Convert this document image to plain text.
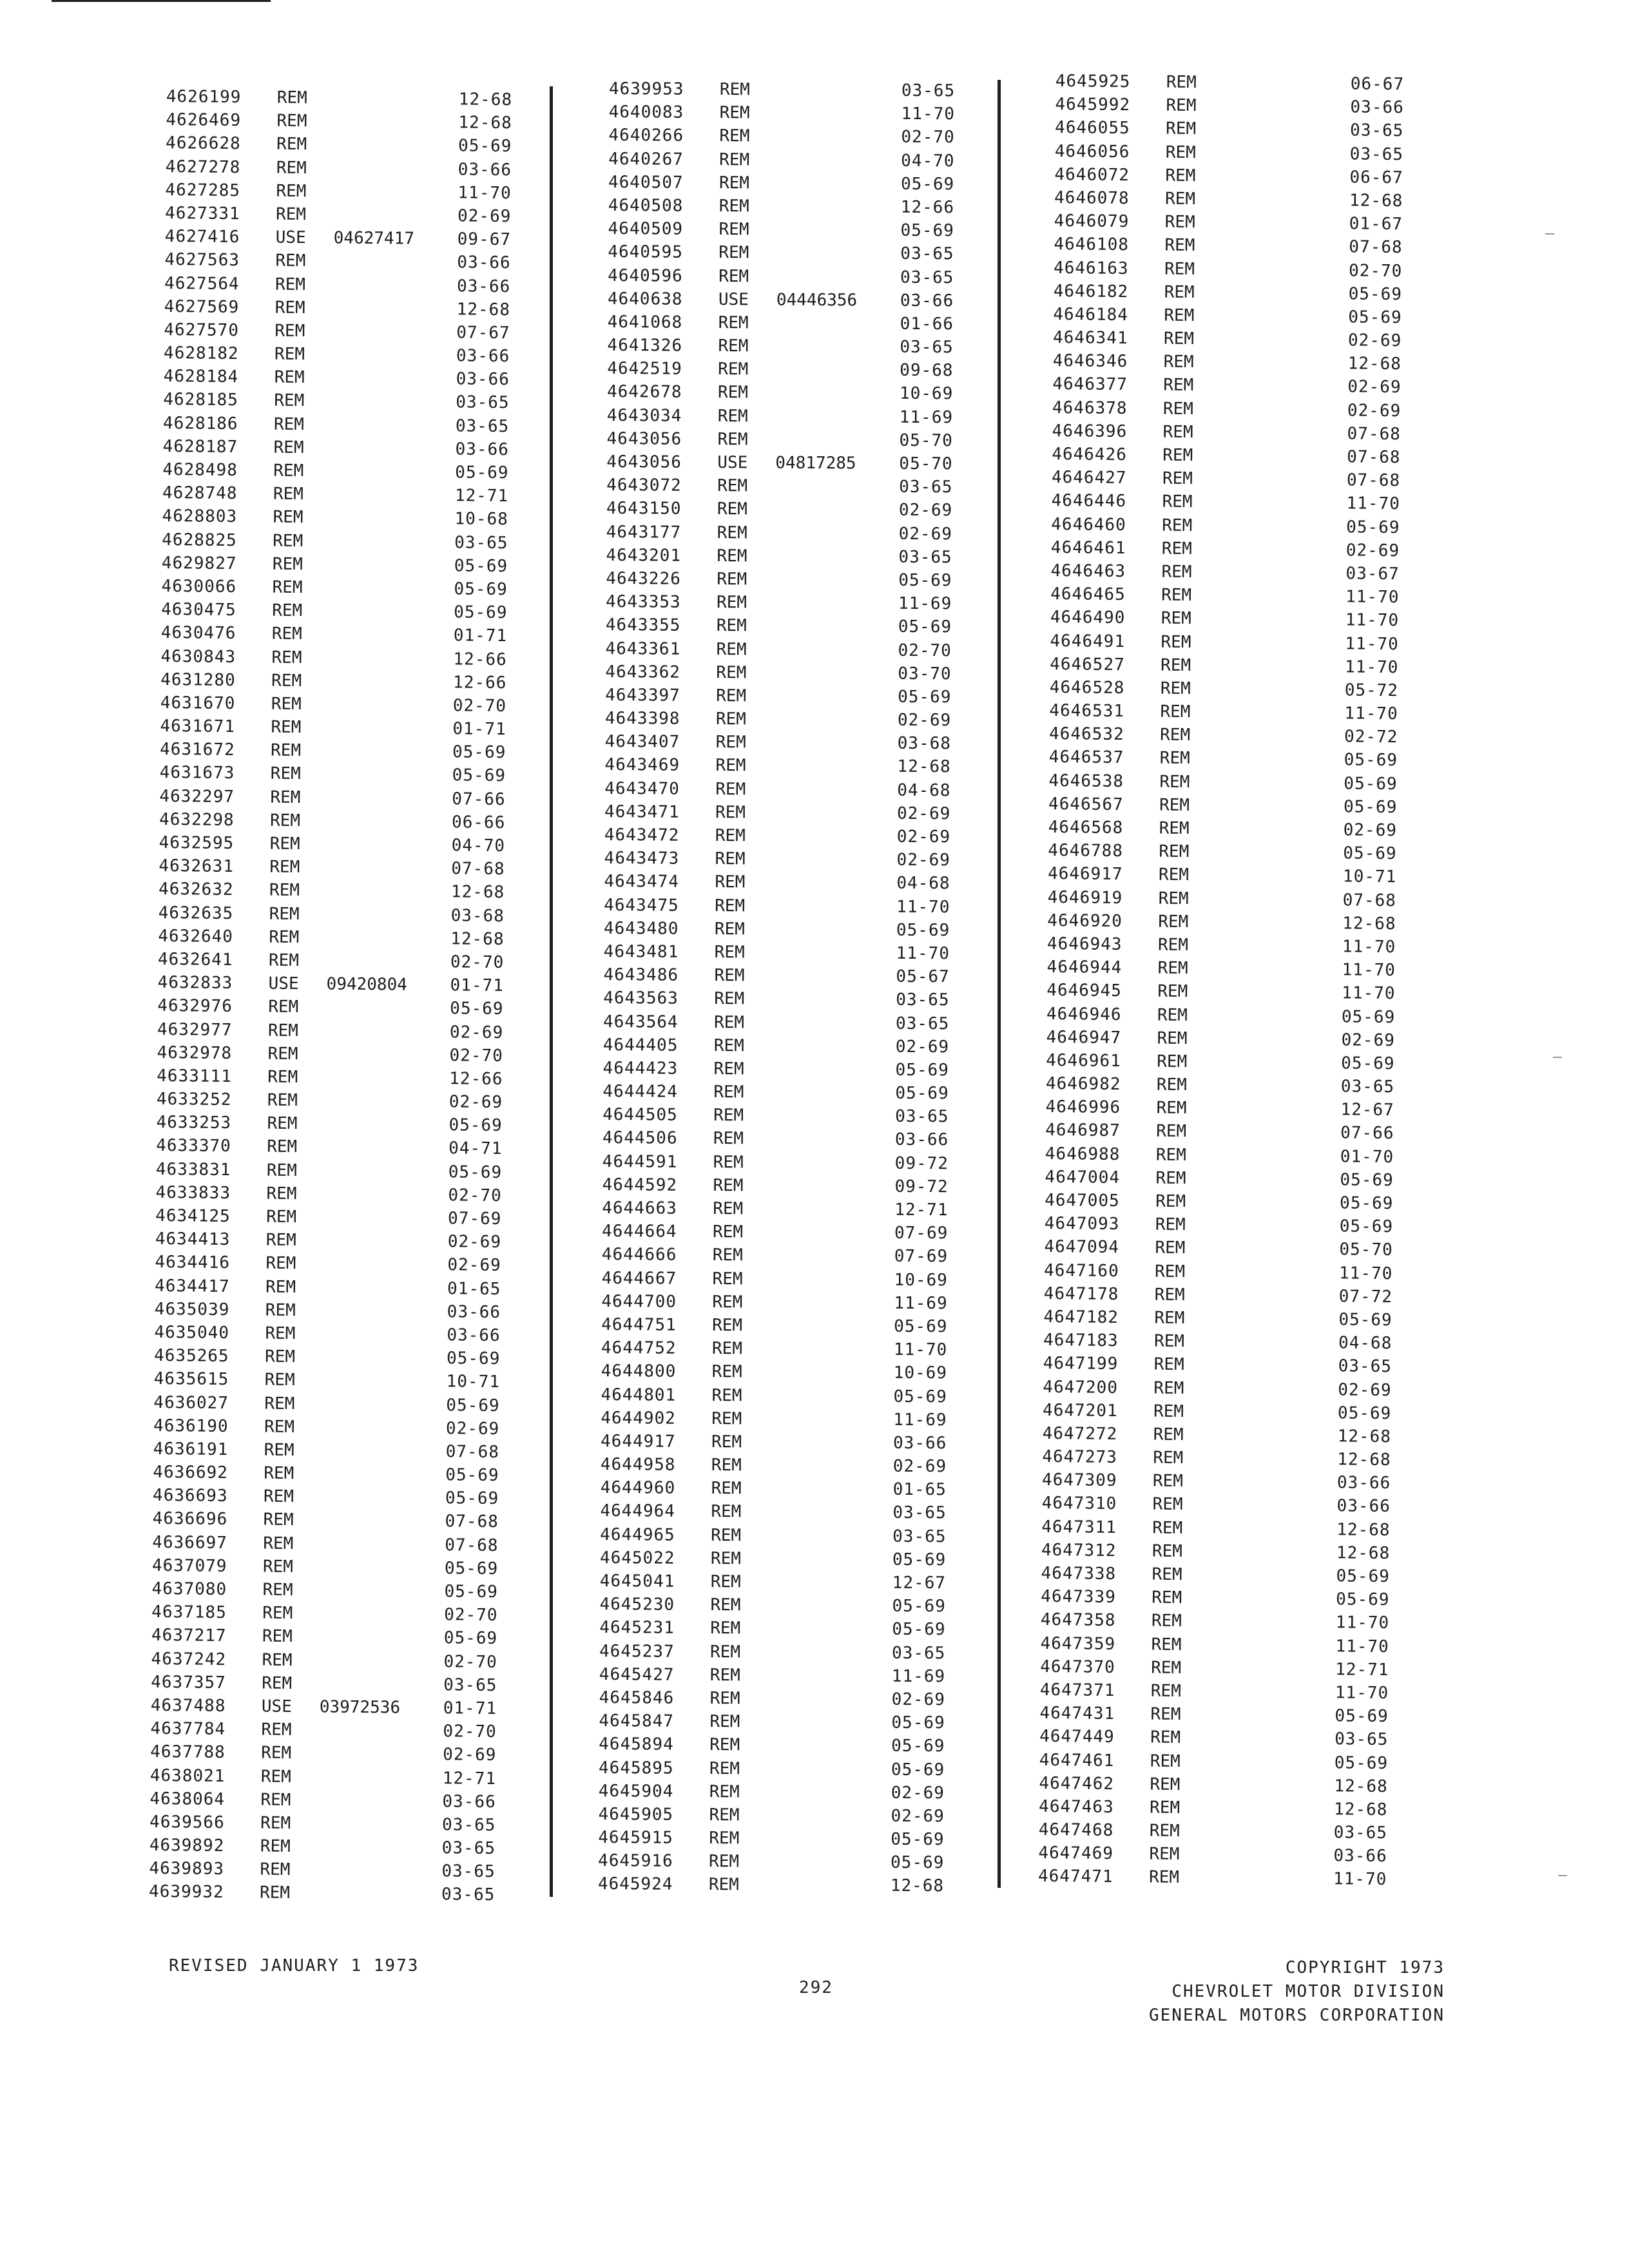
4626199 REM	12-68
4626469 REM	12-68
4626628 REM	05-69
4627278 REM	03-66
4627285 REM	11-70
4627331 REM	02-69
4627416 USE 04627417	09-67
4627563 REM	03-66
4627564 REM	03-66
4627569 REM	12-68
4627570 REM	07-67
4628182 REM	03-66
4628184 REM	03-66
4628185 REM	03-65
4628186 REM	03-65
4628187 REM	03-66
4628498 REM	05-69
4628748 REM	12-71
4628803 REM	10-68
4628825 REM	03-65
4629827 REM	05-69
4630066 REM	05-69
4630475 REM	05-69
4630476 REM	01-71
4630843 REM	12-66
4631280 REM	12-66
4631670 REM	02-70
4631671 REM	01-71
4631672 REM	05-69
4631673 REM	05-69
4632297 REM	07-66
4632298 REM	06-66
4632595 REM	04-70
4632631 REM	07-68
4632632 REM	12-68
4632635 REM	03-68
4632640 REM	12-68
4632641 REM	02-70
4632833 USE 09420804	01-71
4632976 REM	05-69
4632977 REM	02-69
4632978 REM	02-70
4633111 REM	12-66
4633252 REM	02-69
4633253 REM	05-69
4633370 REM	04-71
4633831 REM	05-69
4633833 REM	02-70
4634125 REM	07-69
4634413 REM	02-69
4634416 REM	02-69
4634417 REM	01-65
4635039 REM	03-66
4635040 REM	03-66
4635265 REM	05-69
4635615 REM	10-71
4636027 REM	05-69
4636190 REM	02-69
4636191 REM	07-68
4636692 REM	05-69
4636693 REM	05-69
4636696 REM	07-68
4636697 REM	07-68
4637079 REM	05-69
4637080 REM	05-69
4637185 REM	02-70
4637217 REM	05-69
4637242 REM	02-70
4637357 REM	03-65
4637488 USE 03972536	01-71
4637784 REM	02-70
4637788 REM	02-69
4638021 REM	12-71
4638064 REM	03-66
4639566 REM	03-65
4639892 REM	03-65
4639893 REM	03-65
4639932 REM	03-65
4639953 REM	03-65
4640083 REM	11-70
4640266 REM	02-70
4640267 REM	04-70
4640507 REM	05-69
4640508 REM	12-66
4640509 REM	05-69
4640595 REM	03-65
4640596 REM	03-65
4640638 USE 04446356	03-66
4641068 REM	01-66
4641326 REM	03-65
4642519 REM	09-68
4642678 REM	10-69
4643034 REM	11-69
4643056 REM	05-70
4643056 USE 04817285	05-70
4643072 REM	03-65
4643150 REM	02-69
4643177 REM	02-69
4643201 REM	03-65
4643226 REM	05-69
4643353 REM	11-69
4643355 REM	05-69
4643361 REM	02-70
4643362 REM	03-70
4643397 REM	05-69
4643398 REM	02-69
4643407 REM	03-68
4643469 REM	12-68
4643470 REM	04-68
4643471 REM	02-69
4643472 REM	02-69
4643473 REM	02-69
4643474 REM	04-68
4643475 REM	11-70
4643480 REM	05-69
4643481 REM	11-70
4643486 REM	05-67
4643563 REM	03-65
4643564 REM	03-65
4644405 REM	02-69
4644423 REM	05-69
4644424 REM	05-69
4644505 REM	03-65
4644506 REM	03-66
4644591 REM	09-72
4644592 REM	09-72
4644663 REM	12-71
4644664 REM	07-69
4644666 REM	07-69
4644667 REM	10-69
4644700 REM	11-69
4644751 REM	05-69
4644752 REM	11-70
4644800 REM	10-69
4644801 REM	05-69
4644902 REM	11-69
4644917 REM	03-66
4644958 REM	02-69
4644960 REM	01-65
4644964 REM	03-65
4644965 REM	03-65
4645022 REM	05-69
4645041 REM	12-67
4645230 REM	05-69
4645231 REM	05-69
4645237 REM	03-65
4645427 REM	11-69
4645846 REM	02-69
4645847 REM	05-69
4645894 REM	05-69
4645895 REM	05-69
4645904 REM	02-69
4645905 REM	02-69
4645915 REM	05-69
4645916 REM	05-69
4645924 REM	12-68
4645925 REM	06-67
4645992 REM	03-66
4646055 REM	03-65
4646056 REM	03-65
4646072 REM	06-67
4646078 REM	12-68
4646079 REM	01-67
4646108 REM	07-68
4646163 REM	02-70
4646182 REM	05-69
4646184 REM	05-69
4646341 REM	02-69
4646346 REM	12-68
4646377 REM	02-69
4646378 REM	02-69
4646396 REM	07-68
4646426 REM	07-68
4646427 REM	07-68
4646446 REM	11-70
4646460 REM	05-69
4646461 REM	02-69
4646463 REM	03-67
4646465 REM	11-70
4646490 REM	11-70
4646491 REM	11-70
4646527 REM	11-70
4646528 REM	05-72
4646531 REM	11-70
4646532 REM	02-72
4646537 REM	05-69
4646538 REM	05-69
4646567 REM	05-69
4646568 REM	02-69
4646788 REM	05-69
4646917 REM	10-71
4646919 REM	07-68
4646920 REM	12-68
4646943 REM	11-70
4646944 REM	11-70
4646945 REM	11-70
4646946 REM	05-69
4646947 REM	02-69
4646961 REM	05-69
4646982 REM	03-65
4646996 REM	12-67
4646987 REM	07-66
4646988 REM	01-70
4647004 REM	05-69
4647005 REM	05-69
4647093 REM	05-69
4647094 REM	05-70
4647160 REM	11-70
4647178 REM	07-72
4647182 REM	05-69
4647183 REM	04-68
4647199 REM	03-65
4647200 REM	02-69
4647201 REM	05-69
4647272 REM	12-68
4647273 REM	12-68
4647309 REM	03-66
4647310 REM	03-66
4647311 REM	12-68
4647312 REM	12-68
4647338 REM	05-69
4647339 REM	05-69
4647358 REM	11-70
4647359 REM	11-70
4647370 REM	12-71
4647371 REM	11-70
4647431 REM	05-69
4647449 REM	03-65
4647461 REM	05-69
4647462 REM	12-68
4647463 REM	12-68
4647468 REM	03-65
4647469 REM	03-66
4647471 REM	11-70
REVISED JANUARY 1 1973
292
COPYRIGHT 1973
CHEVROLET MOTOR DIVISION
GENERAL MOTORS CORPORATION
